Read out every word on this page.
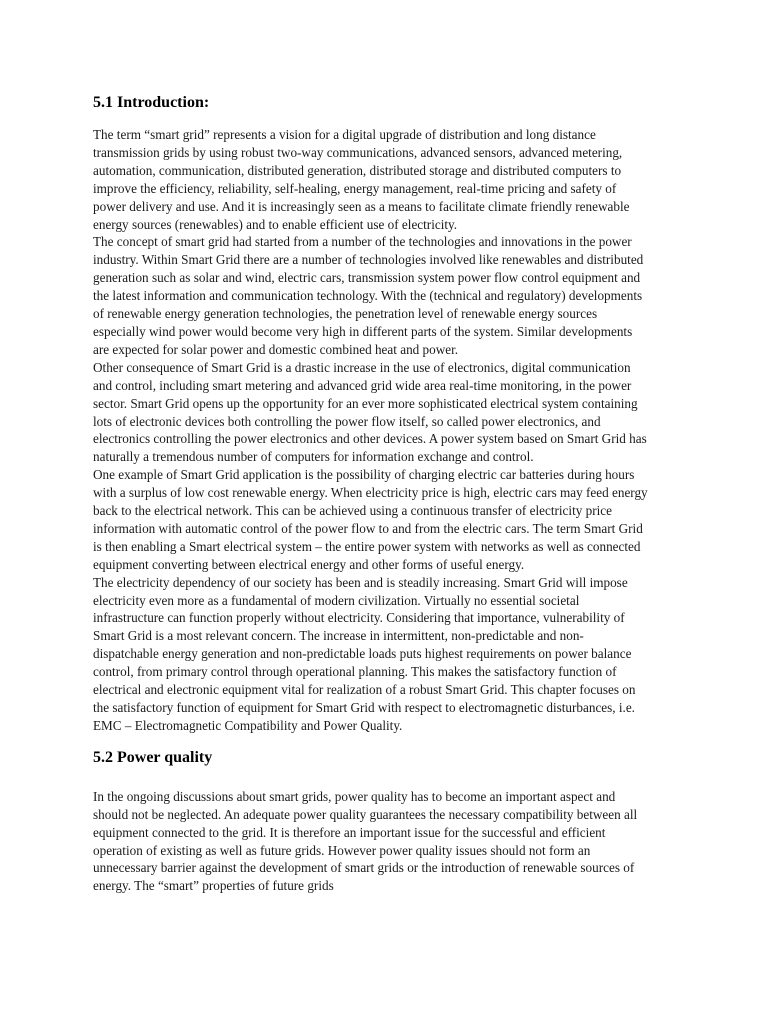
5.1 Introduction:

The term “smart grid” represents a vision for a digital upgrade of distribution and long distance transmission grids by using robust two-way communications, advanced sensors, advanced metering, automation, communication, distributed generation, distributed storage and distributed computers to improve the efficiency, reliability, self-healing, energy management, real-time pricing and safety of power delivery and use. And it is increasingly seen as a means to facilitate climate friendly renewable energy sources (renewables) and to enable efficient use of electricity.

The concept of smart grid had started from a number of the technologies and innovations in the power industry. Within Smart Grid there are a number of technologies involved like renewables and distributed generation such as solar and wind, electric cars, transmission system power flow control equipment and the latest information and communication technology. With the (technical and regulatory) developments of renewable energy generation technologies, the penetration level of renewable energy sources especially wind power would become very high in different parts of the system. Similar developments are expected for solar power and domestic combined heat and power.

Other consequence of Smart Grid is a drastic increase in the use of electronics, digital communication and control, including smart metering and advanced grid wide area real-time monitoring, in the power sector. Smart Grid opens up the opportunity for an ever more sophisticated electrical system containing lots of electronic devices both controlling the power flow itself, so called power electronics, and electronics controlling the power electronics and other devices. A power system based on Smart Grid has naturally a tremendous number of computers for information exchange and control.

One example of Smart Grid application is the possibility of charging electric car batteries during hours with a surplus of low cost renewable energy. When electricity price is high, electric cars may feed energy back to the electrical network. This can be achieved using a continuous transfer of electricity price information with automatic control of the power flow to and from the electric cars. The term Smart Grid is then enabling a Smart electrical system – the entire power system with networks as well as connected equipment converting between electrical energy and other forms of useful energy.

The electricity dependency of our society has been and is steadily increasing. Smart Grid will impose electricity even more as a fundamental of modern civilization. Virtually no essential societal infrastructure can function properly without electricity. Considering that importance, vulnerability of Smart Grid is a most relevant concern. The increase in intermittent, non-predictable and non-dispatchable energy generation and non-predictable loads puts highest requirements on power balance control, from primary control through operational planning. This makes the satisfactory function of electrical and electronic equipment vital for realization of a robust Smart Grid. This chapter focuses on the satisfactory function of equipment for Smart Grid with respect to electromagnetic disturbances, i.e. EMC – Electromagnetic Compatibility and Power Quality.

5.2 Power quality

In the ongoing discussions about smart grids, power quality has to become an important aspect and should not be neglected. An adequate power quality guarantees the necessary compatibility between all equipment connected to the grid. It is therefore an important issue for the successful and efficient operation of existing as well as future grids. However power quality issues should not form an unnecessary barrier against the development of smart grids or the introduction of renewable sources of energy. The “smart” properties of future grids
